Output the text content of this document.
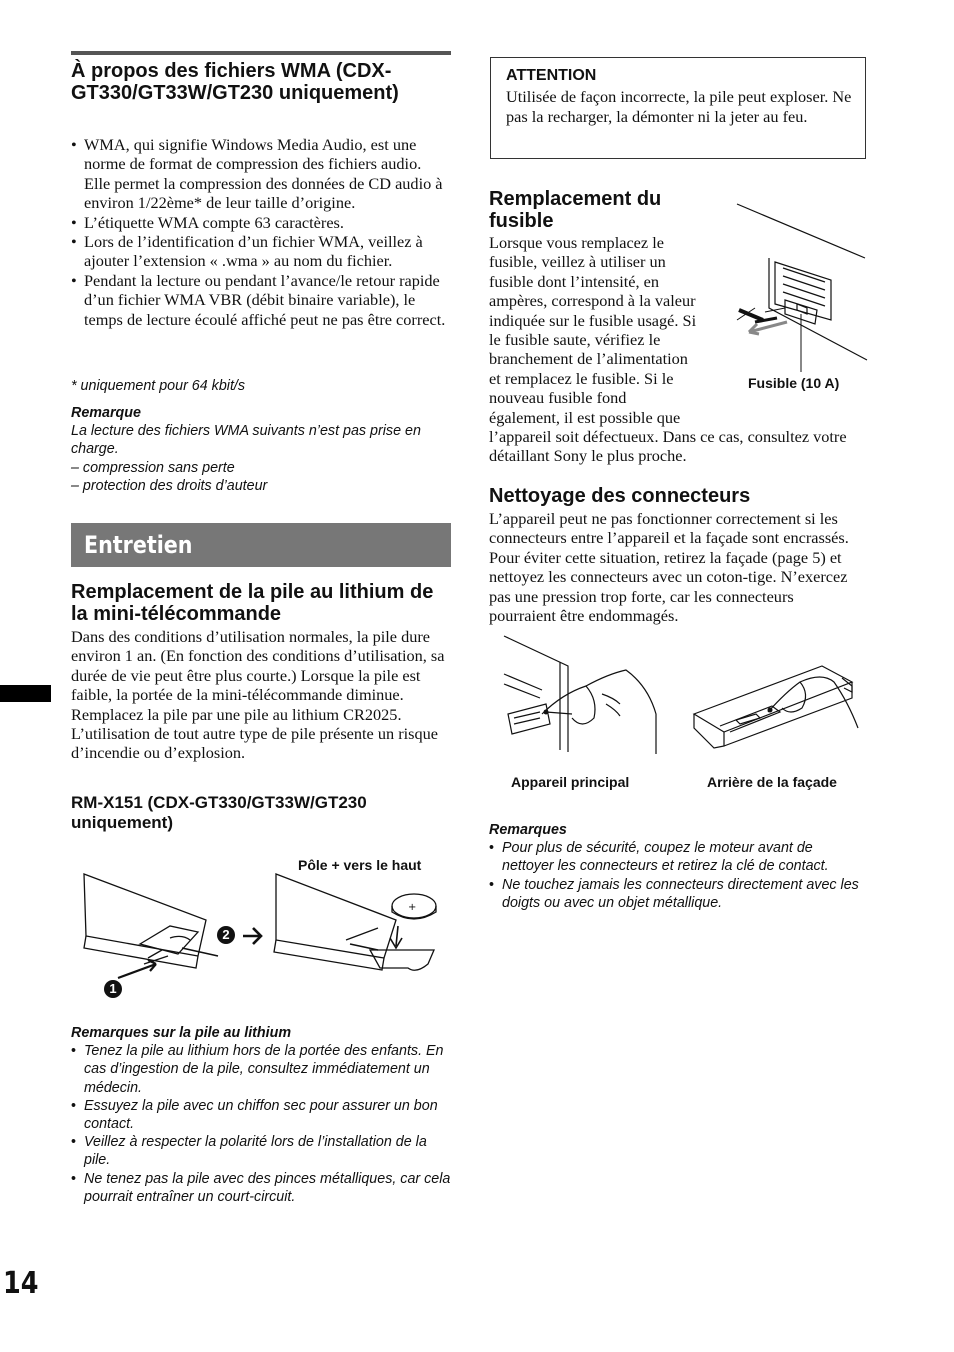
À propos des fichiers WMA (CDX-GT330/GT33W/GT230 uniquement)
• WMA, qui signifie Windows Media Audio, est une norme de format de compression des fichiers audio. Elle permet la compression des données de CD audio à environ 1/22ème* de leur taille d’origine.
• L’étiquette WMA compte 63 caractères.
• Lors de l’identification d’un fichier WMA, veillez à ajouter l’extension « .wma » au nom du fichier.
• Pendant la lecture ou pendant l’avance/le retour rapide d’un fichier WMA VBR (débit binaire variable), le temps de lecture écoulé affiché peut ne pas être correct.
* uniquement pour 64 kbit/s
Remarque
La lecture des fichiers WMA suivants n’est pas prise en charge.
– compression sans perte
– protection des droits d’auteur
Entretien
Remplacement de la pile au lithium de la mini-télécommande

Dans des conditions d’utilisation normales, la pile dure environ 1 an. (En fonction des conditions d’utilisation, sa durée de vie peut être plus courte.) Lorsque la pile est faible, la portée de la mini-télécommande diminue. Remplacez la pile par une pile au lithium CR2025. L’utilisation de tout autre type de pile présente un risque d’incendie ou d’explosion.

RM-X151 (CDX-GT330/GT33W/GT230 uniquement)
Pôle + vers le haut
+
2
1
Remarques sur la pile au lithium
• Tenez la pile au lithium hors de la portée des enfants. En cas d’ingestion de la pile, consultez immédiatement un médecin.
• Essuyez la pile avec un chiffon sec pour assurer un bon contact.
• Veillez à respecter la polarité lors de l’installation de la pile.
• Ne tenez pas la pile avec des pinces métalliques, car cela pourrait entraîner un court-circuit.
ATTENTION
Utilisée de façon incorrecte, la pile peut exploser. Ne pas la recharger, la démonter ni la jeter au feu.
Remplacement du fusible
Lorsque vous remplacez le
fusible, veillez à utiliser un
fusible dont l’intensité, en
ampères, correspond à la valeur
indiquée sur le fusible usagé. Si
le fusible saute, vérifiez le
branchement de l’alimentation
et remplacez le fusible. Si le
nouveau fusible fond
également, il est possible que

l’appareil soit défectueux. Dans ce cas, consultez votre détaillant Sony le plus proche.

Fusible (10 A)
Nettoyage des connecteurs

L’appareil peut ne pas fonctionner correctement si les connecteurs entre l’appareil et la façade sont encrassés. Pour éviter cette situation, retirez la façade (page 5) et nettoyez les connecteurs avec un coton-tige. N’exercez pas une pression trop forte, car les connecteurs pourraient être endommagés.

Appareil principal	Arrière de la façade
Remarques
• Pour plus de sécurité, coupez le moteur avant de nettoyer les connecteurs et retirez la clé de contact.
• Ne touchez jamais les connecteurs directement avec les doigts ou avec un objet métallique.
14
